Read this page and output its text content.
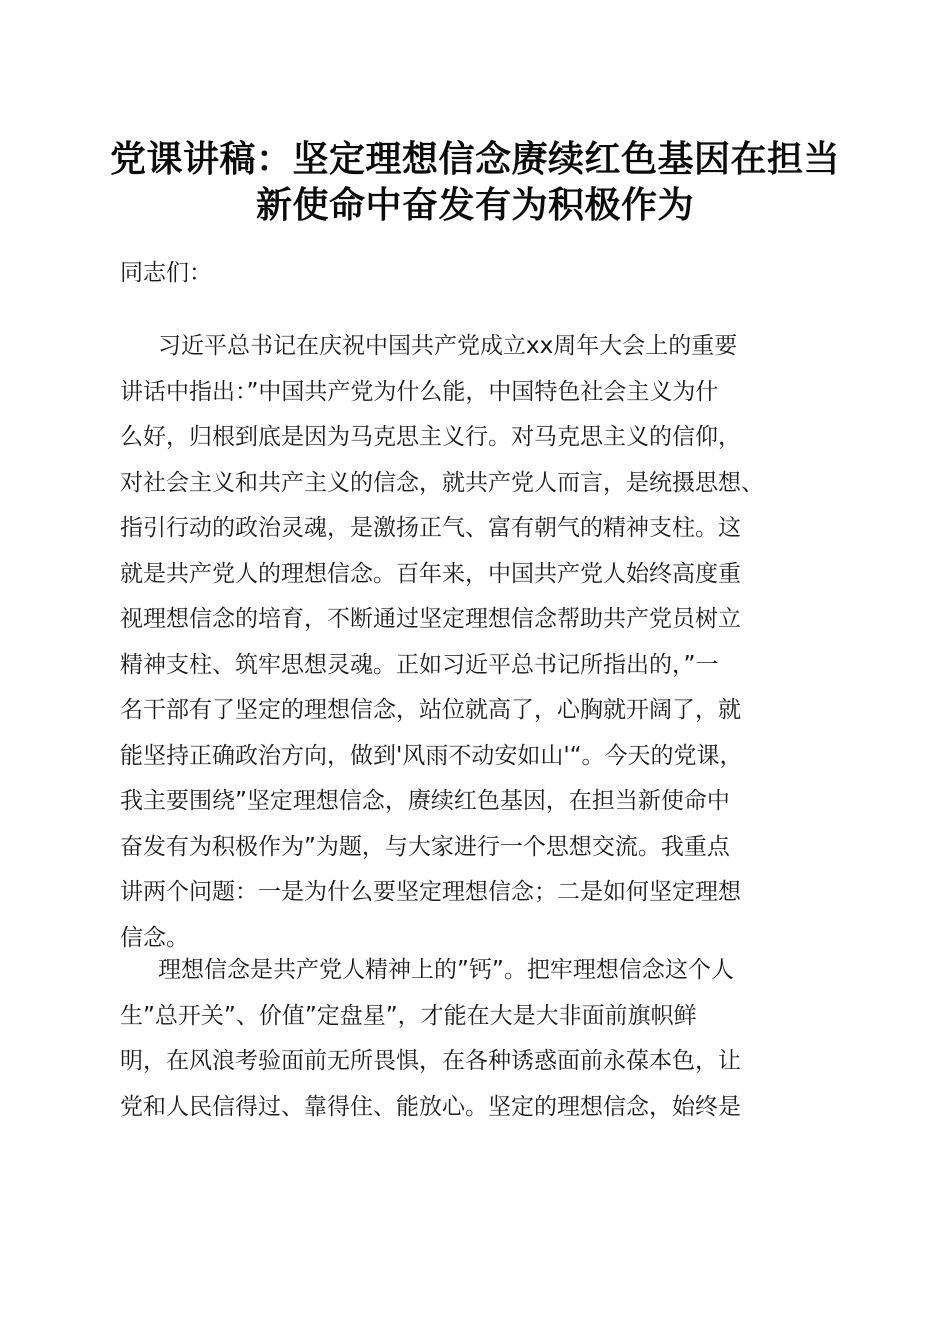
党课讲稿：坚定理想信念赓续红色基因在担当
新使命中奋发有为积极作为

同志们：

习近平总书记在庆祝中国共产党成立xx周年大会上的重要
讲话中指出：”中国共产党为什么能，中国特色社会主义为什
么好，归根到底是因为马克思主义行。对马克思主义的信仰，
对社会主义和共产主义的信念，就共产党人而言，是统摄思想、
指引行动的政治灵魂，是激扬正气、富有朝气的精神支柱。这
就是共产党人的理想信念。百年来，中国共产党人始终高度重
视理想信念的培育，不断通过坚定理想信念帮助共产党员树立
精神支柱、筑牢思想灵魂。正如习近平总书记所指出的，”一
名干部有了坚定的理想信念，站位就高了，心胸就开阔了，就
能坚持正确政治方向，做到'风雨不动安如山'“。今天的党课，
我主要围绕”坚定理想信念，赓续红色基因，在担当新使命中
奋发有为积极作为”为题，与大家进行一个思想交流。我重点
讲两个问题：一是为什么要坚定理想信念；二是如何坚定理想
信念。
理想信念是共产党人精神上的”钙”。把牢理想信念这个人
生”总开关”、价值”定盘星”，才能在大是大非面前旗帜鲜
明，在风浪考验面前无所畏惧，在各种诱惑面前永葆本色，让
党和人民信得过、靠得住、能放心。坚定的理想信念，始终是
